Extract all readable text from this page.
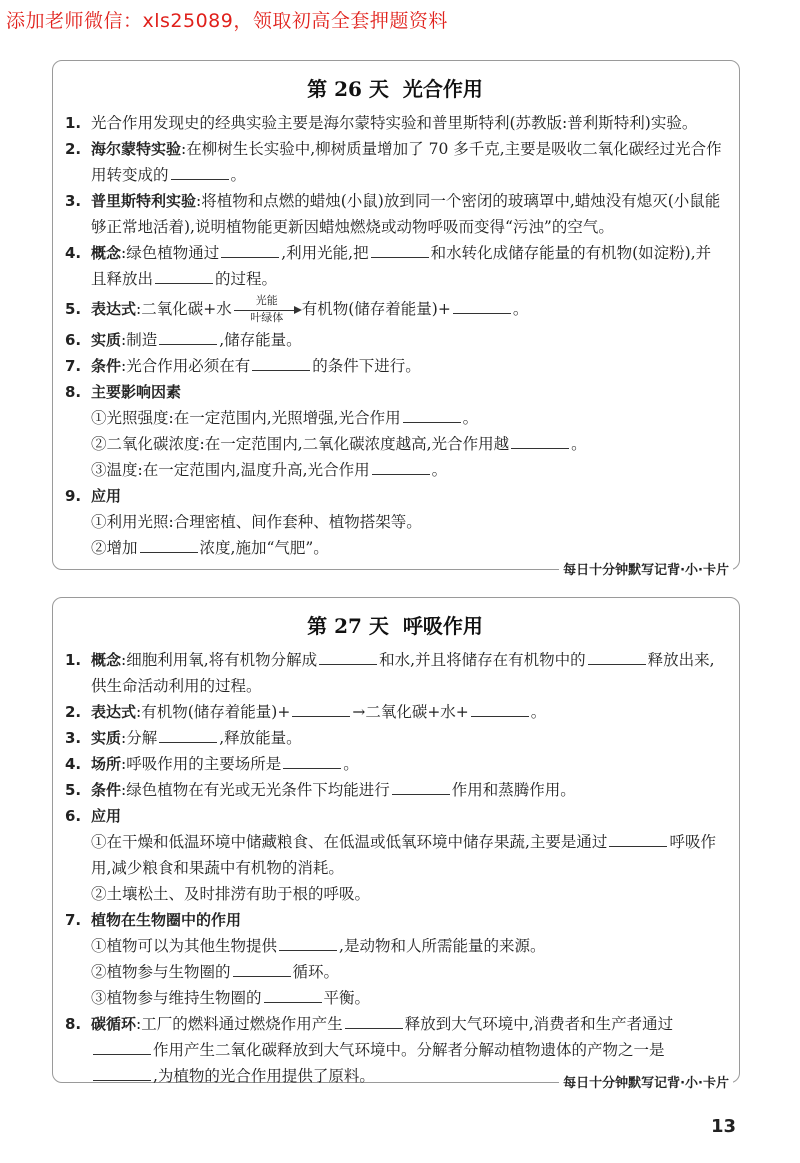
添加老师微信：xls25089，领取初高全套押题资料
第 26 天 光合作用
1. 光合作用发现史的经典实验主要是海尔蒙特实验和普里斯特利(苏教版:普利斯特利)实验。
2. 海尔蒙特实验:在柳树生长实验中,柳树质量增加了 70 多千克,主要是吸收二氧化碳经过光合作用转变成的	。
3. 普里斯特利实验:将植物和点燃的蜡烛(小鼠)放到同一个密闭的玻璃罩中,蜡烛没有熄灭(小鼠能够正常地活着),说明植物能更新因蜡烛燃烧或动物呼吸而变得“污浊”的空气。
4. 概念:绿色植物通过	,利用光能,把	和水转化成储存能量的有机物(如淀粉),并且释放出	的过程。
5. 表达式:二氧化碳+水	光能
叶绿体	有机物(储存着能量)+	。
6. 实质:制造	,储存能量。
7. 条件:光合作用必须在有	的条件下进行。
8. 主要影响因素
①光照强度:在一定范围内,光照增强,光合作用	。
②二氧化碳浓度:在一定范围内,二氧化碳浓度越高,光合作用越	。
③温度:在一定范围内,温度升高,光合作用	。
9. 应用
①利用光照:合理密植、间作套种、植物搭架等。
②增加	浓度,施加“气肥”。
每日十分钟默写记背·小·卡片
第 27 天 呼吸作用
1. 概念:细胞利用氧,将有机物分解成	和水,并且将储存在有机物中的	释放出来,供生命活动利用的过程。
2. 表达式:有机物(储存着能量)+	→二氧化碳+水+	。
3. 实质:分解	,释放能量。
4. 场所:呼吸作用的主要场所是	。
5. 条件:绿色植物在有光或无光条件下均能进行	作用和蒸腾作用。
6. 应用
①在干燥和低温环境中储藏粮食、在低温或低氧环境中储存果蔬,主要是通过	呼吸作用,减少粮食和果蔬中有机物的消耗。
②土壤松土、及时排涝有助于根的呼吸。
7. 植物在生物圈中的作用
①植物可以为其他生物提供	,是动物和人所需能量的来源。
②植物参与生物圈的	循环。
③植物参与维持生物圈的	平衡。
8. 碳循环:工厂的燃料通过燃烧作用产生	释放到大气环境中,消费者和生产者通过作用产生二氧化碳释放到大气环境中。分解者分解动植物遗体的产物之一是,为植物的光合作用提供了原料。	每日十分钟默写记背·小·卡片
13
